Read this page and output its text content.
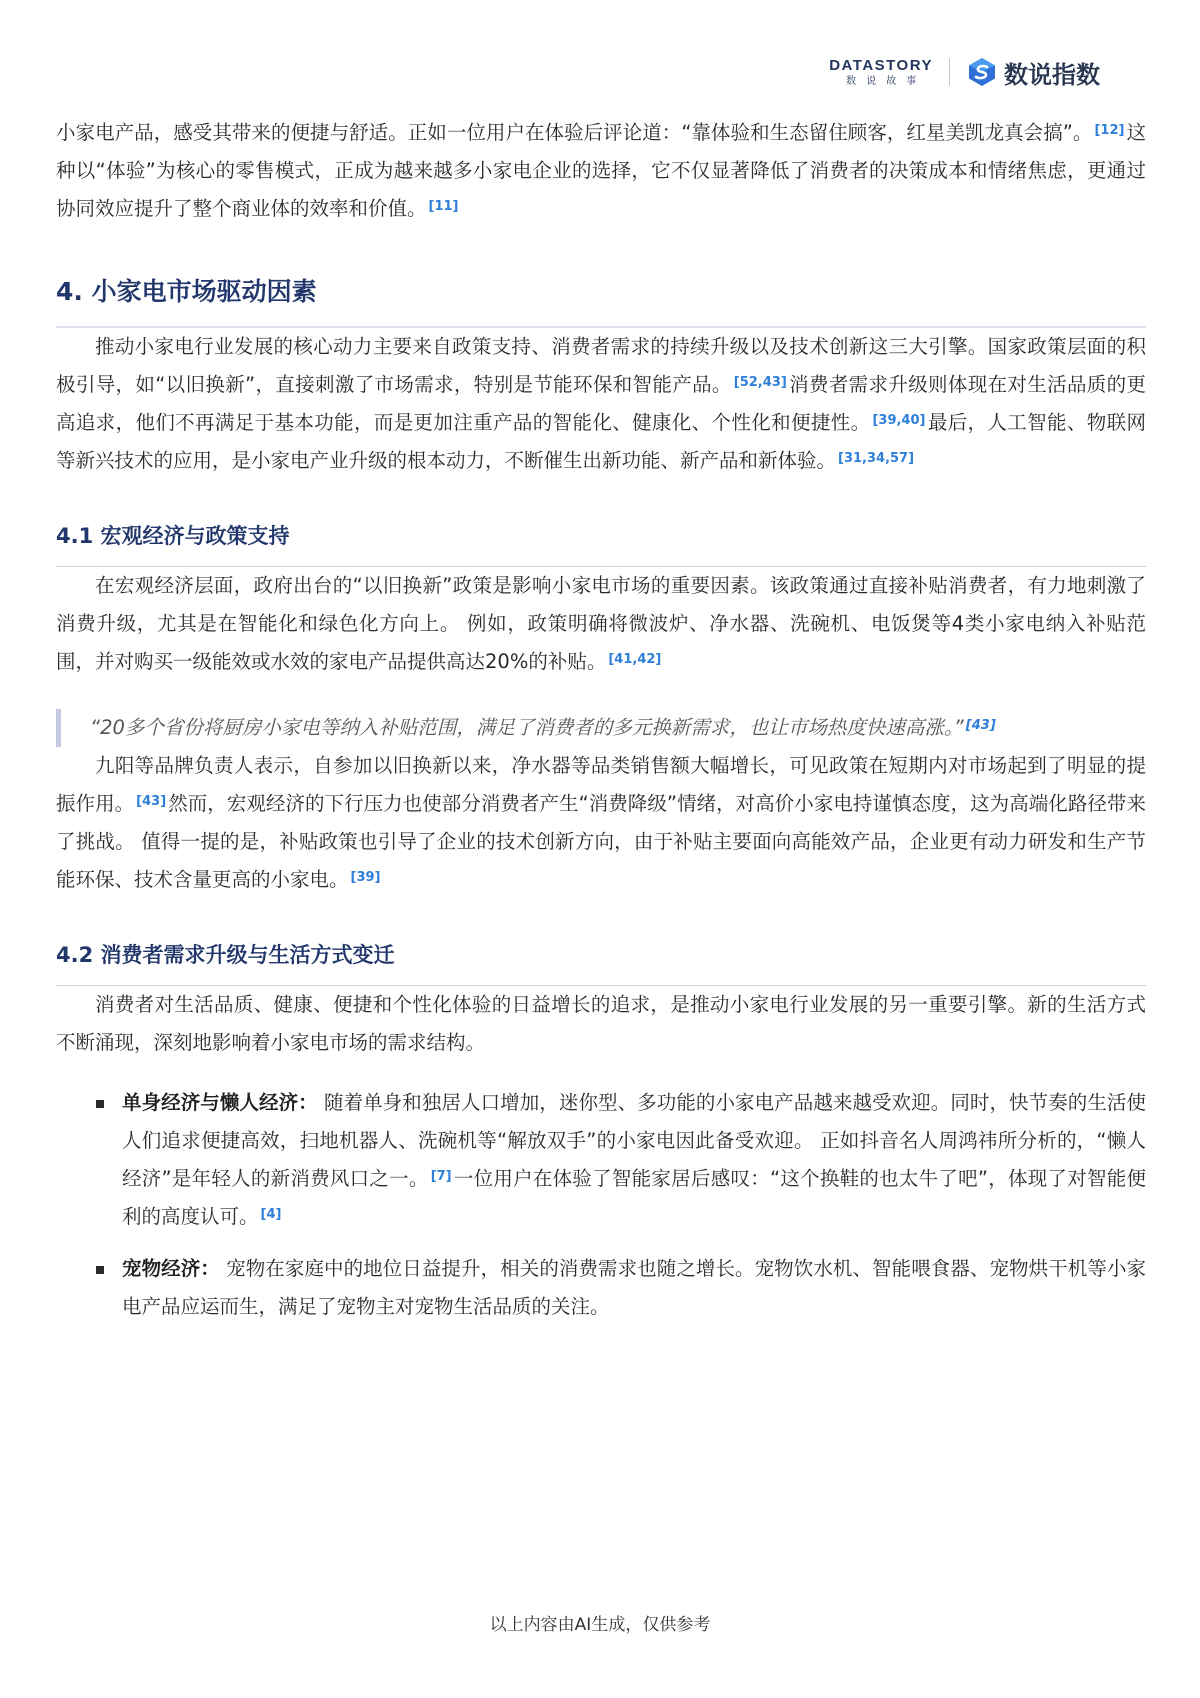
DATASTORY
数说故事	数说指数

小家电产品，感受其带来的便捷与舒适。正如一位用户在体验后评论道：“靠体验和生态留住顾客，红星美凯龙真会搞”。 [12] 这种以“体验”为核心的零售模式，正成为越来越多小家电企业的选择，它不仅显著降低了消费者的决策成本和情绪焦虑，更通过协同效应提升了整个商业体的效率和价值。 [11]

4. 小家电市场驱动因素

推动小家电行业发展的核心动力主要来自政策支持、消费者需求的持续升级以及技术创新这三大引擎。国家政策层面的积极引导，如“以旧换新”，直接刺激了市场需求，特别是节能环保和智能产品。 [52,43] 消费者需求升级则体现在对生活品质的更高追求，他们不再满足于基本功能，而是更加注重产品的智能化、健康化、个性化和便捷性。 [39,40] 最后，人工智能、物联网等新兴技术的应用，是小家电产业升级的根本动力，不断催生出新功能、新产品和新体验。 [31,34,57]

4.1 宏观经济与政策支持

在宏观经济层面，政府出台的“以旧换新”政策是影响小家电市场的重要因素。该政策通过直接补贴消费者，有力地刺激了消费升级，尤其是在智能化和绿色化方向上。 例如，政策明确将微波炉、净水器、洗碗机、电饭煲等4类小家电纳入补贴范围，并对购买一级能效或水效的家电产品提供高达20%的补贴。 [41,42]

“20多个省份将厨房小家电等纳入补贴范围，满足了消费者的多元换新需求，也让市场热度快速高涨。” [43]

九阳等品牌负责人表示，自参加以旧换新以来，净水器等品类销售额大幅增长，可见政策在短期内对市场起到了明显的提振作用。 [43] 然而，宏观经济的下行压力也使部分消费者产生“消费降级”情绪，对高价小家电持谨慎态度，这为高端化路径带来了挑战。 值得一提的是，补贴政策也引导了企业的技术创新方向，由于补贴主要面向高能效产品，企业更有动力研发和生产节能环保、技术含量更高的小家电。 [39]

4.2 消费者需求升级与生活方式变迁

消费者对生活品质、健康、便捷和个性化体验的日益增长的追求，是推动小家电行业发展的另一重要引擎。新的生活方式不断涌现，深刻地影响着小家电市场的需求结构。

单身经济与懒人经济： 随着单身和独居人口增加，迷你型、多功能的小家电产品越来越受欢迎。同时，快节奏的生活使人们追求便捷高效，扫地机器人、洗碗机等“解放双手”的小家电因此备受欢迎。 正如抖音名人周鸿祎所分析的，“懒人经济”是年轻人的新消费风口之一。 [7] 一位用户在体验了智能家居后感叹：“这个换鞋的也太牛了吧”，体现了对智能便利的高度认可。 [4]
宠物经济： 宠物在家庭中的地位日益提升，相关的消费需求也随之增长。宠物饮水机、智能喂食器、宠物烘干机等小家电产品应运而生，满足了宠物主对宠物生活品质的关注。
以上内容由AI生成，仅供参考
